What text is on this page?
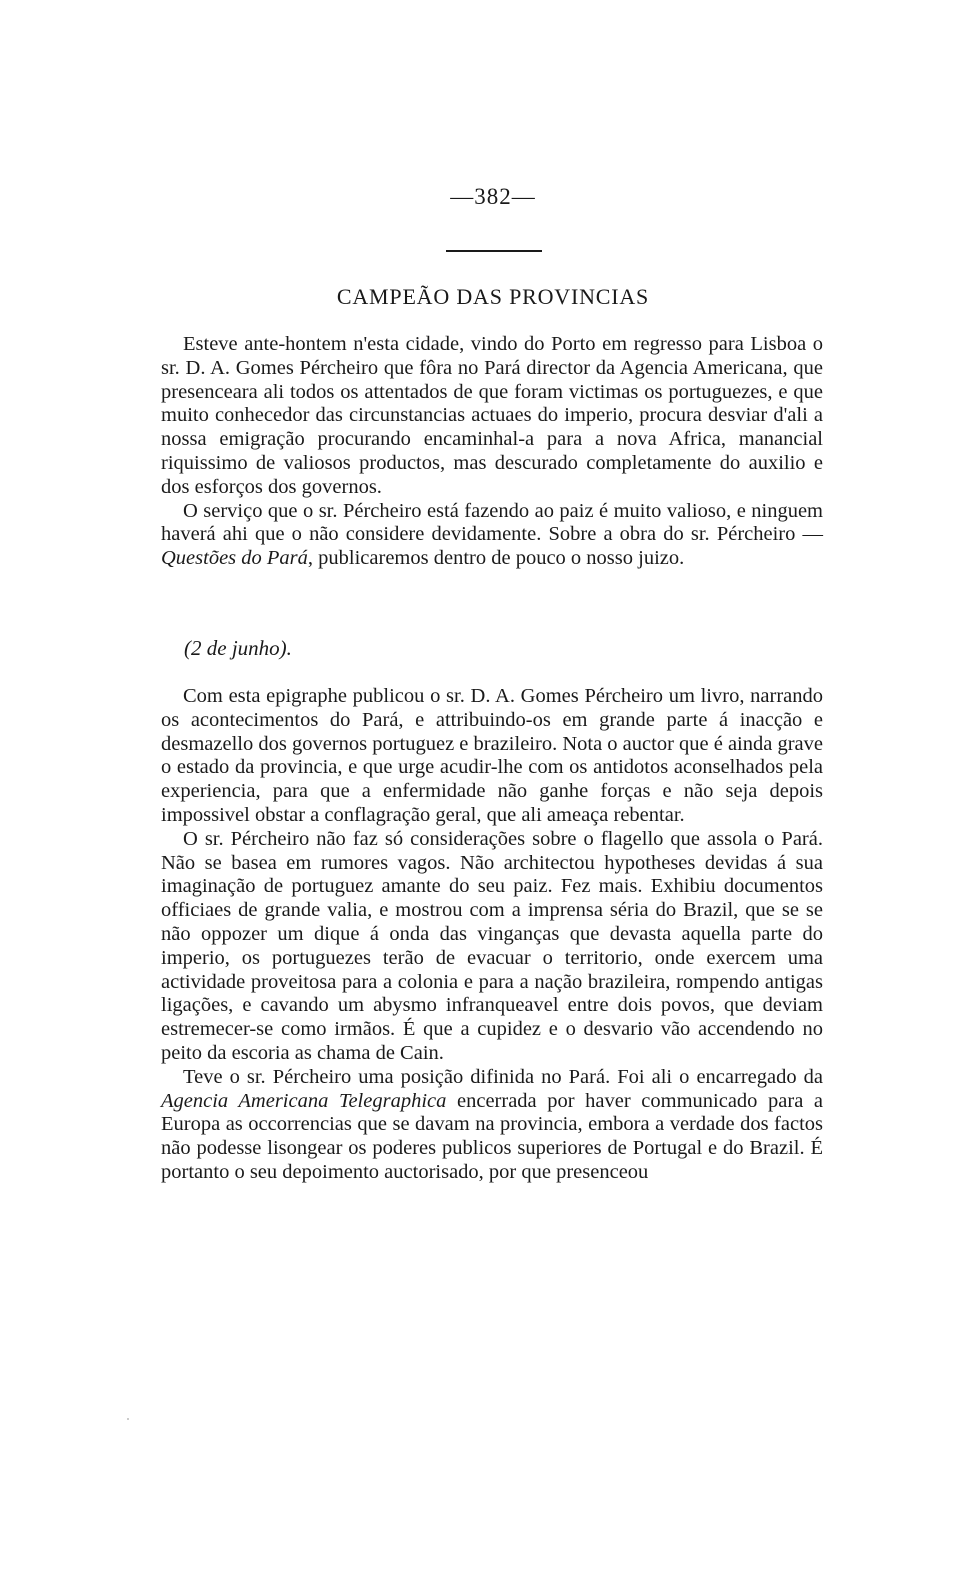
—382—
CAMPEÃO DAS PROVINCIAS

Esteve ante-hontem n'esta cidade, vindo do Porto em regresso para Lisboa o sr. D. A. Gomes Pércheiro que fôra no Pará director da Agencia Americana, que presenceara ali todos os attentados de que foram victimas os portuguezes, e que muito conhecedor das circunstancias actuaes do imperio, procura desviar d'ali a nossa emigração procurando encaminhal-a para a nova Africa, manancial riquissimo de valiosos productos, mas descurado completamente do auxilio e dos esforços dos governos.

O serviço que o sr. Pércheiro está fazendo ao paiz é muito valioso, e ninguem haverá ahi que o não considere devidamente. Sobre a obra do sr. Pércheiro — Questões do Pará, publicaremos dentro de pouco o nosso juizo.

(2 de junho).

Com esta epigraphe publicou o sr. D. A. Gomes Pércheiro um livro, narrando os acontecimentos do Pará, e attribuindo-os em grande parte á inacção e desmazello dos governos portuguez e brazileiro. Nota o auctor que é ainda grave o estado da provincia, e que urge acudir-lhe com os antidotos aconselhados pela experiencia, para que a enfermidade não ganhe forças e não seja depois impossivel obstar a conflagração geral, que ali ameaça rebentar.

O sr. Pércheiro não faz só considerações sobre o flagello que assola o Pará. Não se basea em rumores vagos. Não architectou hypotheses devidas á sua imaginação de portuguez amante do seu paiz. Fez mais. Exhibiu documentos officiaes de grande valia, e mostrou com a imprensa séria do Brazil, que se se não oppozer um dique á onda das vinganças que devasta aquella parte do imperio, os portuguezes terão de evacuar o territorio, onde exercem uma actividade proveitosa para a colonia e para a nação brazileira, rompendo antigas ligações, e cavando um abysmo infranqueavel entre dois povos, que deviam estremecer-se como irmãos. É que a cupidez e o desvario vão accendendo no peito da escoria as chama de Cain.

Teve o sr. Pércheiro uma posição difinida no Pará. Foi ali o encarregado da Agencia Americana Telegraphica encerrada por haver communicado para a Europa as occorrencias que se davam na provincia, embora a verdade dos factos não podesse lisongear os poderes publicos superiores de Portugal e do Brazil. É portanto o seu depoimento auctorisado, por que presenceou
